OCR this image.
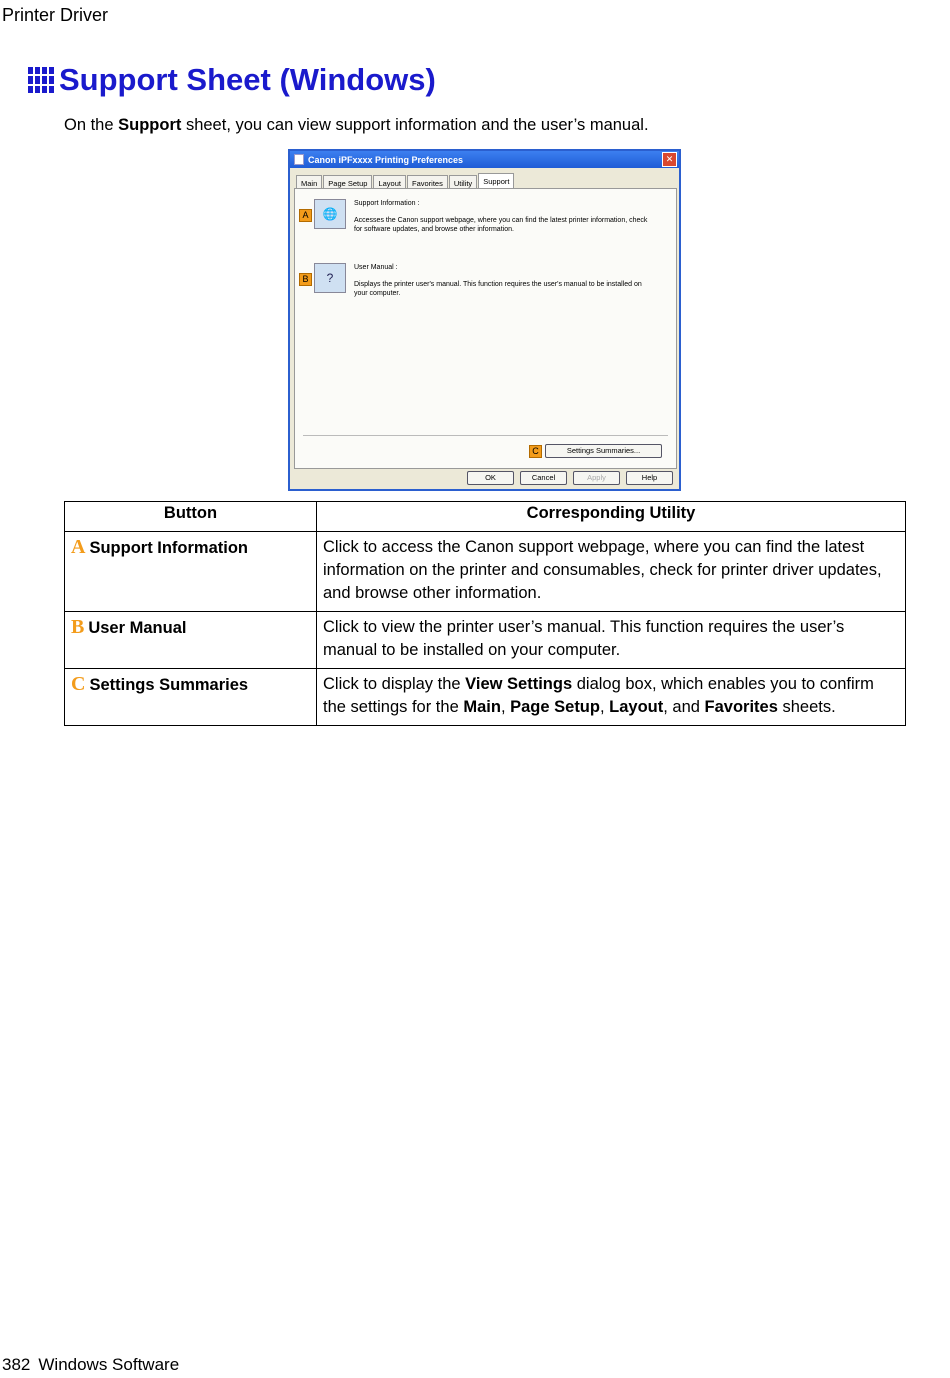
Printer Driver
Support Sheet (Windows)
On the Support sheet, you can view support information and the user’s manual.
Canon iPFxxxx Printing Preferences	✕
Main	Page Setup	Layout	Favorites	Utility	Support
A	🌐
Support Information :
Accesses the Canon support webpage, where you can find the latest printer information, check for software updates, and browse other information.
B	?
User Manual :
Displays the printer user's manual. This function requires the user's manual to be installed on your computer.
C	Settings Summaries...
OK	Cancel	Apply	Help
Button	Corresponding Utility
A Support Information	Click to access the Canon support webpage, where you can find the latest information on the printer and consumables, check for printer driver updates, and browse other information.
B User Manual	Click to view the printer user’s manual. This function requires the user’s manual to be installed on your computer.
C Settings Summaries	Click to display the View Settings dialog box, which enables you to confirm the settings for the Main, Page Setup, Layout, and Favorites sheets.
382 Windows Software
